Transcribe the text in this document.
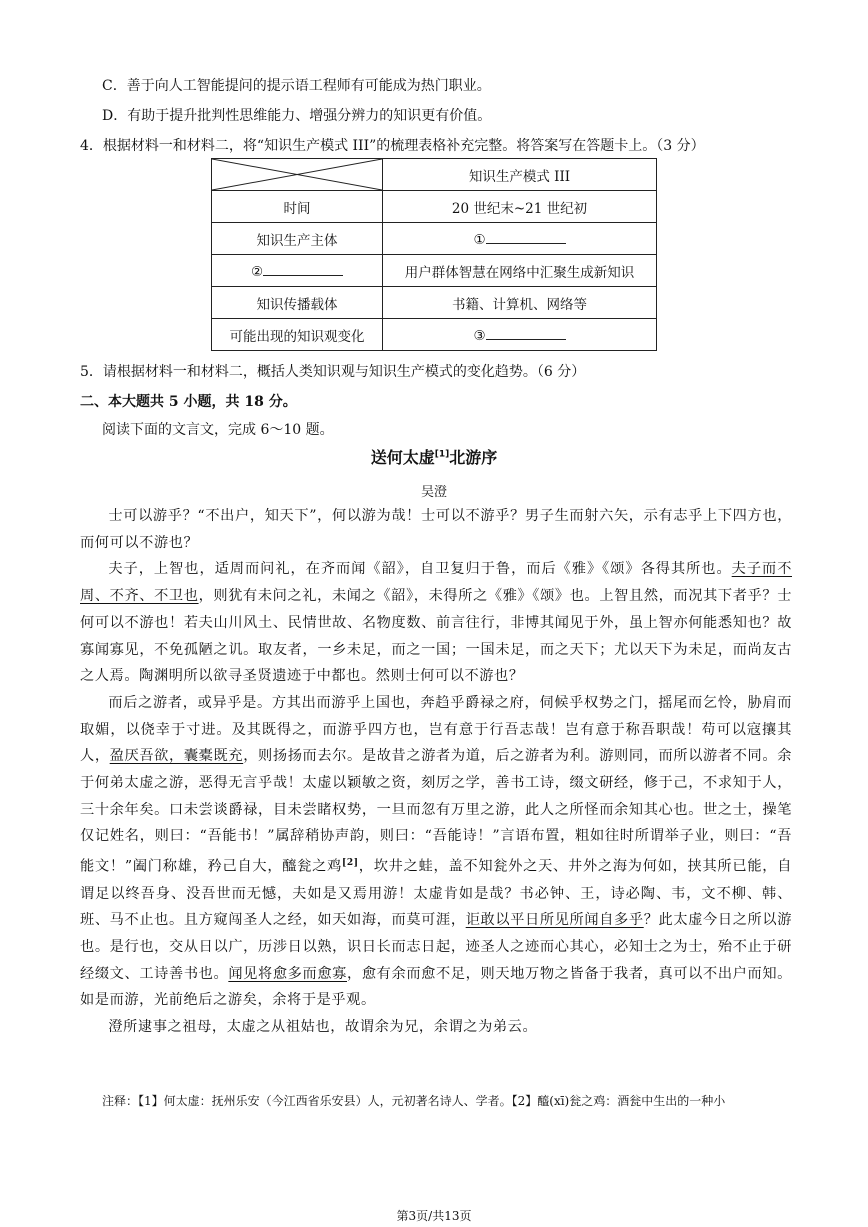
C．善于向人工智能提问的提示语工程师有可能成为热门职业。
D．有助于提升批判性思维能力、增强分辨力的知识更有价值。
4．根据材料一和材料二，将“知识生产模式 III”的梳理表格补充完整。将答案写在答题卡上。（3 分）
	知识生产模式 III
时间	20 世纪末~21 世纪初
知识生产主体	①
②	用户群体智慧在网络中汇聚生成新知识
知识传播载体	书籍、计算机、网络等
可能出现的知识观变化	③
5．请根据材料一和材料二，概括人类知识观与知识生产模式的变化趋势。（6 分）
二、本大题共 5 小题，共 18 分。
阅读下面的文言文，完成 6～10 题。
送何太虚[1]北游序
吴澄

士可以游乎？“不出户，知天下”，何以游为哉！士可以不游乎？男子生而射六矢，示有志乎上下四方也，而何可以不游也？

夫子，上智也，适周而问礼，在齐而闻《韶》，自卫复归于鲁，而后《雅》《颂》各得其所也。夫子而不周、不齐、不卫也，则犹有未问之礼，未闻之《韶》，未得所之《雅》《颂》也。上智且然，而况其下者乎？士何可以不游也！若夫山川风土、民情世故、名物度数、前言往行，非博其闻见于外，虽上智亦何能悉知也？故寡闻寡见，不免孤陋之讥。取友者，一乡未足，而之一国；一国未足，而之天下；尤以天下为未足，而尚友古之人焉。陶渊明所以欲寻圣贤遗迹于中都也。然则士何可以不游也？

而后之游者，或异乎是。方其出而游乎上国也，奔趋乎爵禄之府，伺候乎权势之门，摇尾而乞怜，胁肩而取媚，以侥幸于寸进。及其既得之，而游乎四方也，岂有意于行吾志哉！岂有意于称吾职哉！苟可以寇攘其人，盈厌吾欲，囊橐既充，则扬扬而去尔。是故昔之游者为道，后之游者为利。游则同，而所以游者不同。余于何弟太虚之游，恶得无言乎哉！太虚以颖敏之资，刻厉之学，善书工诗，缀文研经，修于己，不求知于人，三十余年矣。口未尝谈爵禄，目未尝睹权势，一旦而忽有万里之游，此人之所怪而余知其心也。世之士，操笔仅记姓名，则曰：“吾能书！”属辞稍协声韵，则曰：“吾能诗！”言语布置，粗如往时所谓举子业，则曰：“吾能文！”阖门称雄，矜己自大，醯瓮之鸡[2]，坎井之蛙，盖不知瓮外之天、井外之海为何如，挟其所已能，自谓足以终吾身、没吾世而无憾，夫如是又焉用游！太虚肯如是哉？书必钟、王，诗必陶、韦，文不柳、韩、班、马不止也。且方窥闯圣人之经，如天如海，而莫可涯，讵敢以平日所见所闻自多乎？此太虚今日之所以游也。是行也，交从日以广，历涉日以熟，识日长而志日起，迹圣人之迹而心其心，必知士之为士，殆不止于研经缀文、工诗善书也。闻见将愈多而愈寡，愈有余而愈不足，则天地万物之皆备于我者，真可以不出户而知。如是而游，光前绝后之游矣，余将于是乎观。

澄所逮事之祖母，太虚之从祖姑也，故谓余为兄，余谓之为弟云。

注释：【1】何太虚：抚州乐安（今江西省乐安县）人，元初著名诗人、学者。【2】醯(xī)瓮之鸡：酒瓮中生出的一种小
第3页/共13页
